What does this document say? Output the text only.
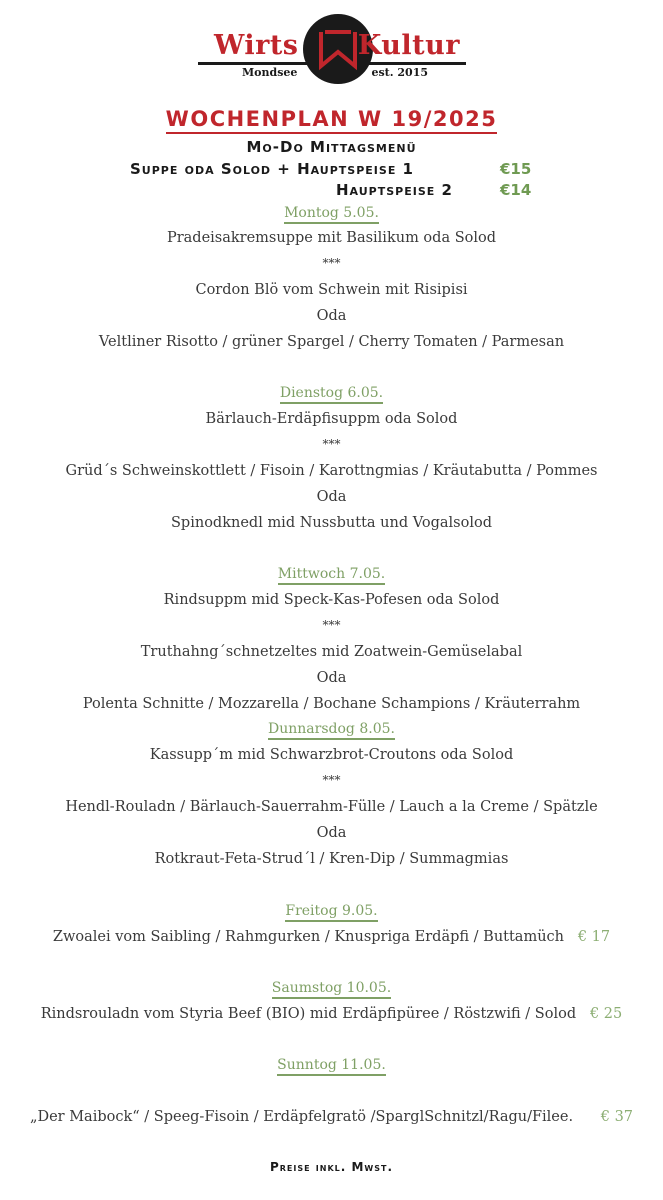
Wirts Kultur
Mondsee	est. 2015
WOCHENPLAN W 19/2025
Mo-Do Mittagsmenü
Suppe oda Solod + Hauptspeise 1	€15
Hauptspeise 2	€14
Montog 5.05.
Pradeisakremsuppe mit Basilikum oda Solod
***
Cordon Blö vom Schwein mit Risipisi
Oda
Veltliner Risotto / grüner Spargel / Cherry Tomaten / Parmesan
Dienstog 6.05.
Bärlauch-Erdäpfisuppm oda Solod
***
Grüd´s Schweinskottlett / Fisoin / Karottngmias / Kräutabutta / Pommes
Oda
Spinodknedl mid Nussbutta und Vogalsolod
Mittwoch 7.05.
Rindsuppm mid Speck-Kas-Pofesen oda Solod
***
Truthahng´schnetzeltes mid Zoatwein-Gemüselabal
Oda
Polenta Schnitte / Mozzarella / Bochane Schampions / Kräuterrahm
Dunnarsdog 8.05.
Kassupp´m mid Schwarzbrot-Croutons oda Solod
***
Hendl-Rouladn / Bärlauch-Sauerrahm-Fülle / Lauch a la Creme / Spätzle
Oda
Rotkraut-Feta-Strud´l / Kren-Dip / Summagmias
Freitog 9.05.
Zwoalei vom Saibling / Rahmgurken / Knuspriga Erdäpfi / Buttamüch € 17
Saumstog 10.05.
Rindsrouladn vom Styria Beef (BIO) mid Erdäpfipüree / Röstzwifi / Solod € 25
Sunntog 11.05.
„Der Maibock“ / Speeg-Fisoin / Erdäpfelgratö /SparglSchnitzl/Ragu/Filee. € 37
Preise inkl. Mwst.
